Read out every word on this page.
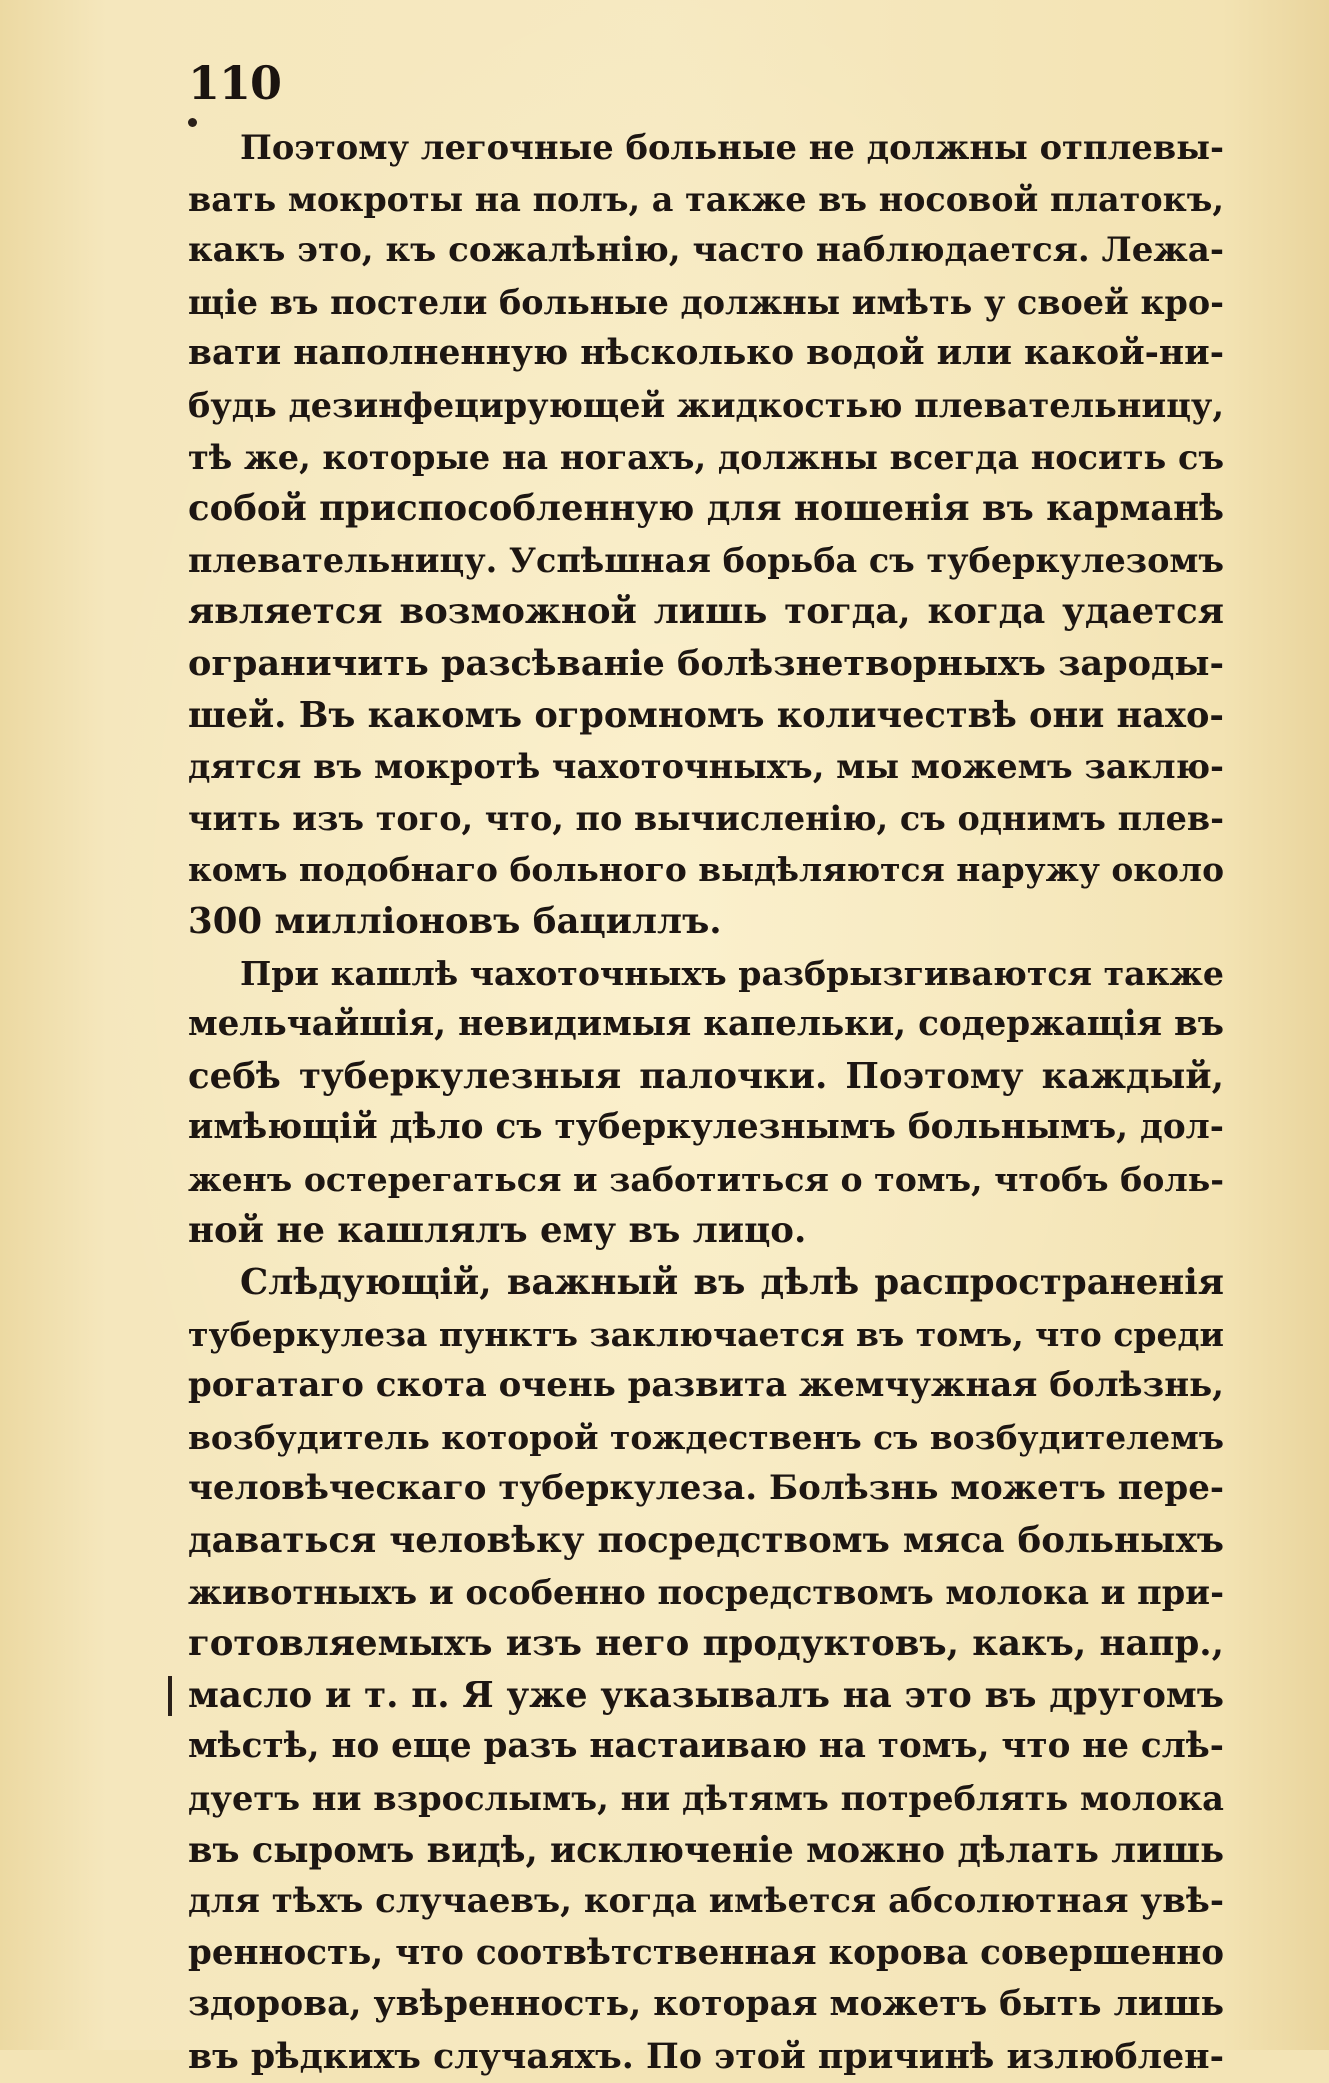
110
Поэтому легочные больные не должны отплевы-
вать мокроты на полъ, а также въ носовой платокъ,
какъ это, къ сожалѣнію, часто наблюдается. Лежа-
щіе въ постели больные должны имѣть у своей кро-
вати наполненную нѣсколько водой или какой-ни-
будь дезинфецирующей жидкостью плевательницу,
тѣ же, которые на ногахъ, должны всегда носить съ
собой приспособленную для ношенія въ карманѣ
плевательницу. Успѣшная борьба съ туберкулезомъ
является возможной лишь тогда, когда удается
ограничить разсѣваніе болѣзнетворныхъ зароды-
шей. Въ какомъ огромномъ количествѣ они нахо-
дятся въ мокротѣ чахоточныхъ, мы можемъ заклю-
чить изъ того, что, по вычисленію, съ однимъ плев-
комъ подобнаго больного выдѣляются наружу около
300 милліоновъ бациллъ.
При кашлѣ чахоточныхъ разбрызгиваются также
мельчайшія, невидимыя капельки, содержащія въ
себѣ туберкулезныя палочки. Поэтому каждый,
имѣющій дѣло съ туберкулезнымъ больнымъ, дол-
женъ остерегаться и заботиться о томъ, чтобъ боль-
ной не кашлялъ ему въ лицо.
Слѣдующій, важный въ дѣлѣ распространенія
туберкулеза пунктъ заключается въ томъ, что среди
рогатаго скота очень развита жемчужная болѣзнь,
возбудитель которой тождественъ съ возбудителемъ
человѣческаго туберкулеза. Болѣзнь можетъ пере-
даваться человѣку посредствомъ мяса больныхъ
животныхъ и особенно посредствомъ молока и при-
готовляемыхъ изъ него продуктовъ, какъ, напр.,
масло и т. п. Я уже указывалъ на это въ другомъ
мѣстѣ, но еще разъ настаиваю на томъ, что не слѣ-
дуетъ ни взрослымъ, ни дѣтямъ потреблять молока
въ сыромъ видѣ, исключеніе можно дѣлать лишь
для тѣхъ случаевъ, когда имѣется абсолютная увѣ-
ренность, что соотвѣтственная корова совершенно
здорова, увѣренность, которая можетъ быть лишь
въ рѣдкихъ случаяхъ. По этой причинѣ излюблен-
